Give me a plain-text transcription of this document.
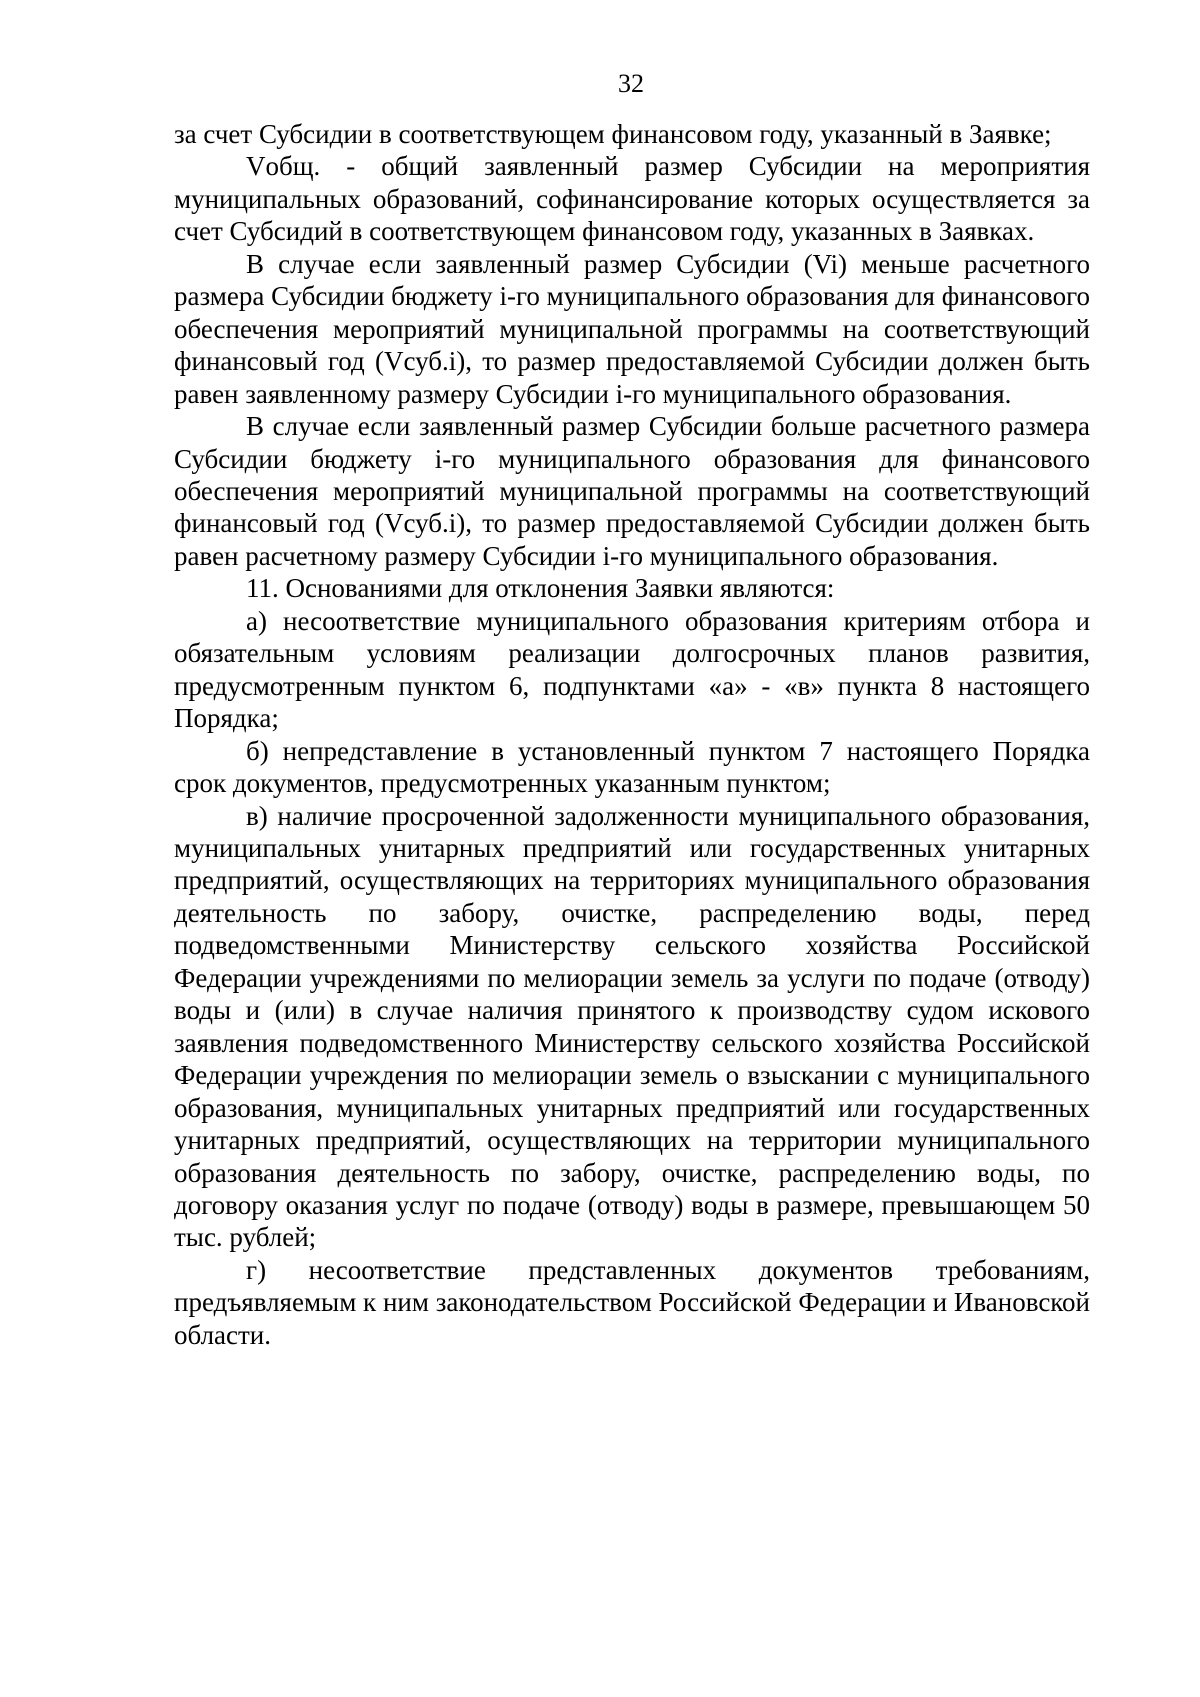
32

за счет Субсидии в соответствующем финансовом году, указанный в Заявке;

Vобщ. - общий заявленный размер Субсидии на мероприятия муниципальных образований, софинансирование которых осуществляется за счет Субсидий в соответствующем финансовом году, указанных в Заявках.

В случае если заявленный размер Субсидии (Vi) меньше расчетного размера Субсидии бюджету i-го муниципального образования для финансового обеспечения мероприятий муниципальной программы на соответствующий финансовый год (Vсуб.i), то размер предоставляемой Субсидии должен быть равен заявленному размеру Субсидии i-го муниципального образования.

В случае если заявленный размер Субсидии больше расчетного размера Субсидии бюджету i-го муниципального образования для финансового обеспечения мероприятий муниципальной программы на соответствующий финансовый год (Vсуб.i), то размер предоставляемой Субсидии должен быть равен расчетному размеру Субсидии i-го муниципального образования.

11. Основаниями для отклонения Заявки являются:

а) несоответствие муниципального образования критериям отбора и обязательным условиям реализации долгосрочных планов развития, предусмотренным пунктом 6, подпунктами «а» - «в» пункта 8 настоящего Порядка;

б) непредставление в установленный пунктом 7 настоящего Порядка срок документов, предусмотренных указанным пунктом;

в) наличие просроченной задолженности муниципального образования, муниципальных унитарных предприятий или государственных унитарных предприятий, осуществляющих на территориях муниципального образования деятельность по забору, очистке, распределению воды, перед подведомственными Министерству сельского хозяйства Российской Федерации учреждениями по мелиорации земель за услуги по подаче (отводу) воды и (или) в случае наличия принятого к производству судом искового заявления подведомственного Министерству сельского хозяйства Российской Федерации учреждения по мелиорации земель о взыскании с муниципального образования, муниципальных унитарных предприятий или государственных унитарных предприятий, осуществляющих на территории муниципального образования деятельность по забору, очистке, распределению воды, по договору оказания услуг по подаче (отводу) воды в размере, превышающем 50 тыс. рублей;

г) несоответствие представленных документов требованиям, предъявляемым к ним законодательством Российской Федерации и Ивановской области.
